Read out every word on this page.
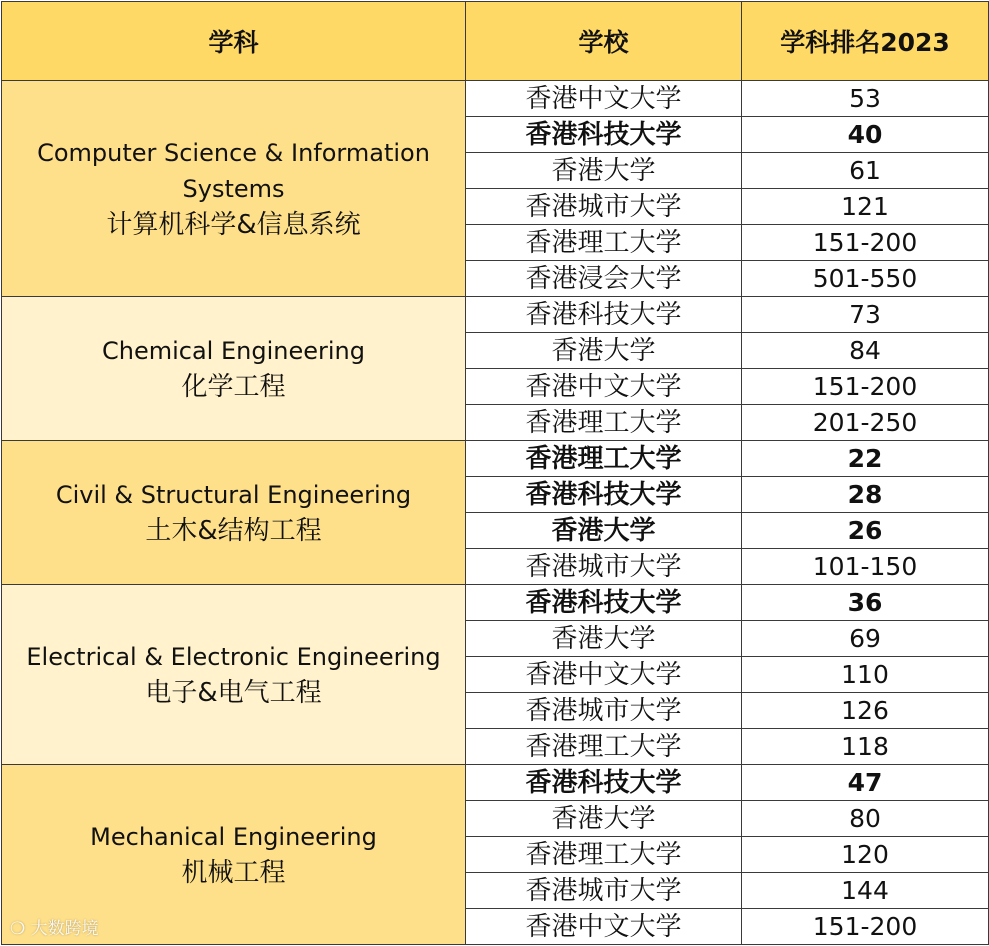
学科	学校	学科排名2023

Computer Science & Information Systems
计算机科学&信息系统	香港中文大学	53
	香港科技大学	40
	香港大学	61
	香港城市大学	121
	香港理工大学	151-200
	香港浸会大学	501-550

Chemical Engineering
化学工程	香港科技大学	73
	香港大学	84
	香港中文大学	151-200
	香港理工大学	201-250

Civil & Structural Engineering
土木&结构工程	香港理工大学	22
	香港科技大学	28
	香港大学	26
	香港城市大学	101-150

Electrical & Electronic Engineering
电子&电气工程	香港科技大学	36
	香港大学	69
	香港中文大学	110
	香港城市大学	126
	香港理工大学	118

Mechanical Engineering
机械工程	香港科技大学	47
	香港大学	80
	香港理工大学	120
	香港城市大学	144
	香港中文大学	151-200
❍ 大数跨境
